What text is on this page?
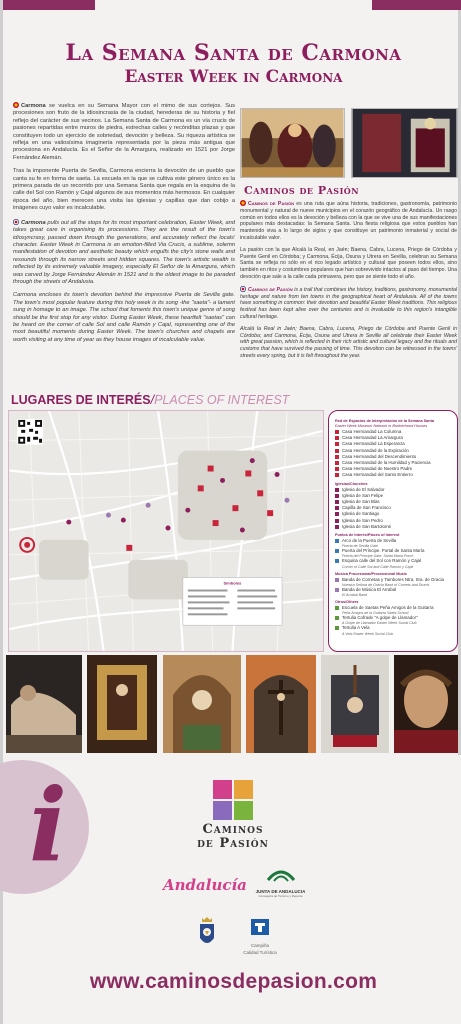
La Semana Santa de Carmona
Easter Week in Carmona

Carmona se vuelca en su Semana Mayor con el mimo de sus cortejos. Sus procesiones son fruto de la idiosincrasia de la ciudad, herederas de su historia y fiel reflejo del carácter de sus vecinos. La Semana Santa de Carmona es un vía crucis de pasiones repartidas entre muros de piedra, estrechas calles y recónditas plazas y que constituyen todo un ejercicio de sobriedad, devoción y belleza. Su riqueza artística se refleja en una valiosísima imaginería representada por la pieza más antigua que procesiona en Andalucía. Es el Señor de la Amargura, realizado en 1521 por Jorge Fernández Alemán.

Tras la imponente Puerta de Sevilla, Carmona encierra la devoción de un pueblo que canta su fe en forma de saeta. La escuela en la que se cultiva este género único es la primera parada de un recorrido por una Semana Santa que regala en la esquina de la calle del Sol con Ramón y Cajal algunos de sus momentos más hermosos. En cualquier época del año, bien merecen una visita las iglesias y capillas que dan cobijo a imágenes cuyo valor es incalculable.

Carmona pulls out all the stops for its most important celebration, Easter Week, and takes great care in organising its processions. They are the result of the town's idiosyncrasy, passed down through the generations, and accurately reflect the locals' character. Easter Week in Carmona is an emotion-filled Via Crucis, a sublime, solemn manifestation of devotion and aesthetic beauty which engulfs the city's stone walls and resounds through its narrow streets and hidden squares. The town's artistic wealth is reflected by its extremely valuable imagery, especially El Señor de la Amargura, which was carved by Jorge Fernández Alemán in 1521 and is the oldest image to be paraded through the streets of Andalusia.

Carmona encloses its town's devotion behind the impressive Puerta de Sevilla gate. The town's most popular feature during this holy week is its song -the "saeta"- a lament sung in homage to an image. The school that foments this town's unique genre of song should be the first stop for any visitor. During Easter Week, these heartfelt "saetas" can be heard on the corner of calle Sol and calle Ramón y Cajal, representing one of the most beautiful moments during Easter Week. The town's churches and chapels are worth visiting at any time of year as they house images of incalculable value.

Caminos de Pasión

Caminos de Pasión es una ruta que aúna historia, tradiciones, gastronomía, patrimonio monumental y natural de nueve municipios en el corazón geográfico de Andalucía. Un rasgo común en todos ellos es la devoción y belleza con la que se vive una de sus manifestaciones populares más destacadas: la Semana Santa. Una fiesta religiosa que estos pueblos han mantenido viva a lo largo de siglos y que constituye un patrimonio inmaterial y social de incalculable valor.

La pasión con la que Alcalá la Real, en Jaén; Baena, Cabra, Lucena, Priego de Córdoba y Puente Genil en Córdoba; y Carmona, Écija, Osuna y Utrera en Sevilla, celebran su Semana Santa se refleja no sólo en el rico legado artístico y cultural que poseen todos ellos, sino también en ritos y costumbres populares que han sobrevivido intactos al paso del tiempo. Una devoción que sale a la calle cada primavera, pero que se siente todo el año.

Caminos de Pasión is a trail that combines the history, traditions, gastronomy, monumental heritage and nature from ten towns in the geographical heart of Andalusia. All of the towns have something in common: their devotion and beautiful Easter Week traditions. This religious festival has been kept alive over the centuries and is invaluable to this region's intangible cultural heritage.

Alcalá la Real in Jaén; Baena, Cabra, Lucena, Priego de Córdoba and Puente Genil in Córdoba; and Carmona, Écija, Osuna and Utrera in Seville all celebrate their Easter Week with great passion, which is reflected in their rich artistic and cultural legacy and the rituals and customs that have survived the passing of time. This devotion can be witnessed in the towns' streets every spring, but it is felt throughout the year.

LUGARES DE INTERÉS/PLACES OF INTEREST
Símbolos
Red de Espacios de Interpretación de la Semana Santa
Easter Week Museum Network in Brotherhood Houses
Casa Hermandad La Columna
Casa Hermandad La Amargura
Casa Hermandad La Esperanza
Casa Hermandad de la Expiración
Casa Hermandad del Descendimiento
Casa Hermandad de la Humildad y Paciencia
Casa Hermandad de Nuestro Padre
Casa Hermandad del Santo Entierro
Iglesias/Churches
Iglesia de El Salvador
Iglesia de San Felipe
Iglesia de San Blas
Capilla de San Francisco
Iglesia de Santiago
Iglesia de San Pedro
Iglesia de San Bartolomé
Puntos de Interés/Places of Interest
Arco de la Puerta de Sevilla
Puerta de Sevilla Gate
Puerta del Príncipe. Portal de Santa María
Puerta del Príncipe Gate. Santa María Porch
Esquina calle del Sol con Ramón y Cajal
Corner of Calle Sol and Calle Ramón y Cajal
Música Procesional/Processional Music
Banda de Cornetas y Tambores Ntra. Sra. de Gracia
Nuestra Señora de Gracia Band of Cornets and Drums
Banda de Música El Arrabal
El Arrabal Band
Otros/Others
Escuela de Saetas Peña Amigos de la Guitarra
Peña Amigos de la Guitarra Saeta School
Tertulia Cofrade "A golpe de Llamador"
A Golpe de Llamador Easter Week Social Club
Tertulia A Vela
A Vela Easter Week Social Club
i	Caminos
de Pasión
Andalucía	JUNTA DE ANDALUCIA
Consejería de Turismo y Deporte
Campiña
Calidad Turística
www.caminosdepasion.com
